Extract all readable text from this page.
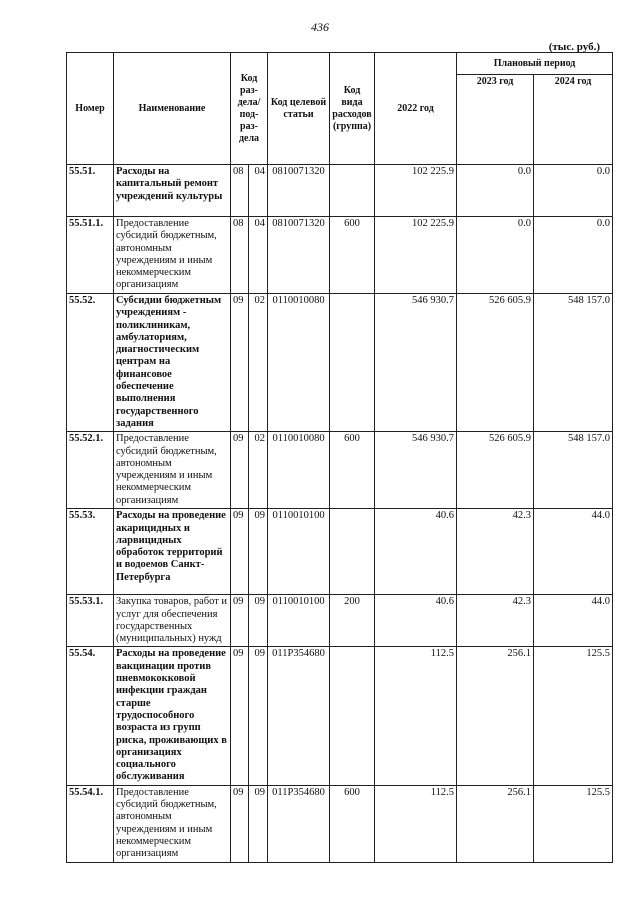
436
(тыс. руб.)
Номер	Наименование	Код раз-дела/ под-раз-дела		Код целевой статьи	Код вида расходов (группа)	2022 год	Плановый период	
							2023 год	2024 год
55.51.	Расходы на капитальный ремонт учреждений культуры	08	04	0810071320		102 225.9	0.0	0.0
55.51.1.	Предоставление субсидий бюджетным, автономным учреждениям и иным некоммерческим организациям	08	04	0810071320	600	102 225.9	0.0	0.0
55.52.	Субсидии бюджетным учреждениям - поликлиникам, амбулаториям, диагностическим центрам на финансовое обеспечение выполнения государственного задания	09	02	0110010080		546 930.7	526 605.9	548 157.0
55.52.1.	Предоставление субсидий бюджетным, автономным учреждениям и иным некоммерческим организациям	09	02	0110010080	600	546 930.7	526 605.9	548 157.0
55.53.	Расходы на проведение акарицидных и ларвицидных обработок территорий и водоемов Санкт-Петербурга	09	09	0110010100		40.6	42.3	44.0
55.53.1.	Закупка товаров, работ и услуг для обеспечения государственных (муниципальных) нужд	09	09	0110010100	200	40.6	42.3	44.0
55.54.	Расходы на проведение вакцинации против пневмококковой инфекции граждан старше трудоспособного возраста из групп риска, проживающих в организациях социального обслуживания	09	09	011P354680		112.5	256.1	125.5
55.54.1.	Предоставление субсидий бюджетным, автономным учреждениям и иным некоммерческим организациям	09	09	011P354680	600	112.5	256.1	125.5
